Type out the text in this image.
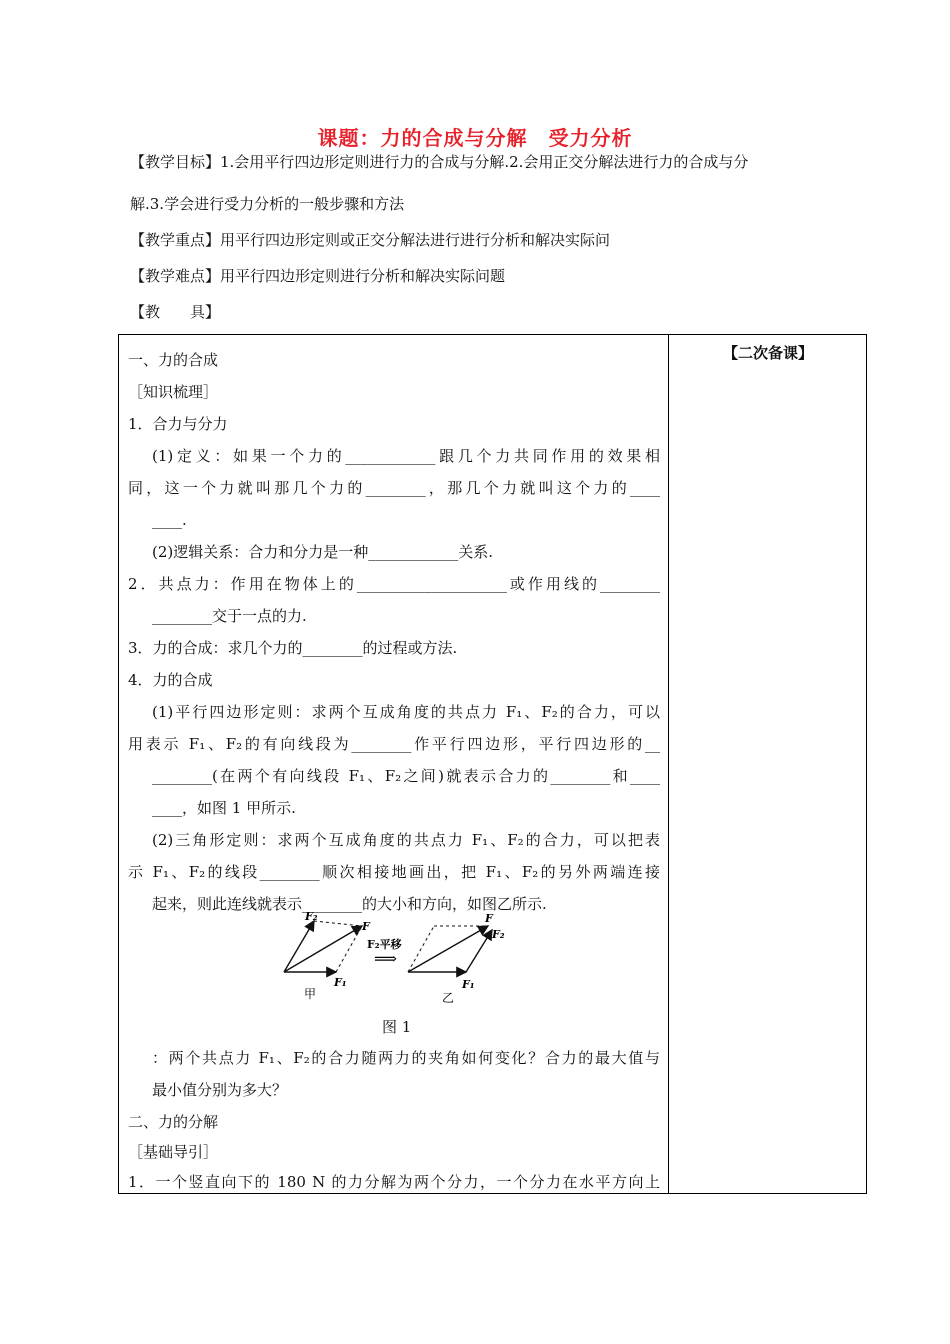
课题：力的合成与分解　受力分析
【教学目标】1.会用平行四边形定则进行力的合成与分解.2.会用正交分解法进行力的合成与分
解.3.学会进行受力分析的一般步骤和方法
【教学重点】用平行四边形定则或正交分解法进行进行分析和解决实际问
【教学难点】用平行四边形定则进行分析和解决实际问题
【教　　具】
【二次备课】
一、力的合成
［知识梳理］
1．合力与分力
(1)定义：如果一个力的____________跟几个力共同作用的效果相
同，这一个力就叫那几个力的________，那几个力就叫这个力的____
____.
(2)逻辑关系：合力和分力是一种____________关系.
2．共点力：作用在物体上的____________________或作用线的________
________交于一点的力.
3．力的合成：求几个力的________的过程或方法.
4．力的合成
(1)平行四边形定则：求两个互成角度的共点力 F₁、F₂的合力，可以
用表示 F₁、F₂的有向线段为________作平行四边形，平行四边形的__
________(在两个有向线段 F₁、F₂之间)就表示合力的________和____
____，如图 1 甲所示.
(2)三角形定则：求两个互成角度的共点力 F₁、F₂的合力，可以把表
示 F₁、F₂的线段________顺次相接地画出，把 F₁、F₂的另外两端连接
起来，则此连线就表示________的大小和方向，如图乙所示.
F₂
F
F₁
甲
F₂平移
⟹
F
F₂
F₁
乙
图 1
：两个共点力 F₁、F₂的合力随两力的夹角如何变化？合力的最大值与
最小值分别为多大？
二、力的分解
［基础导引］
1．一个竖直向下的 180 N 的力分解为两个分力，一个分力在水平方向上
